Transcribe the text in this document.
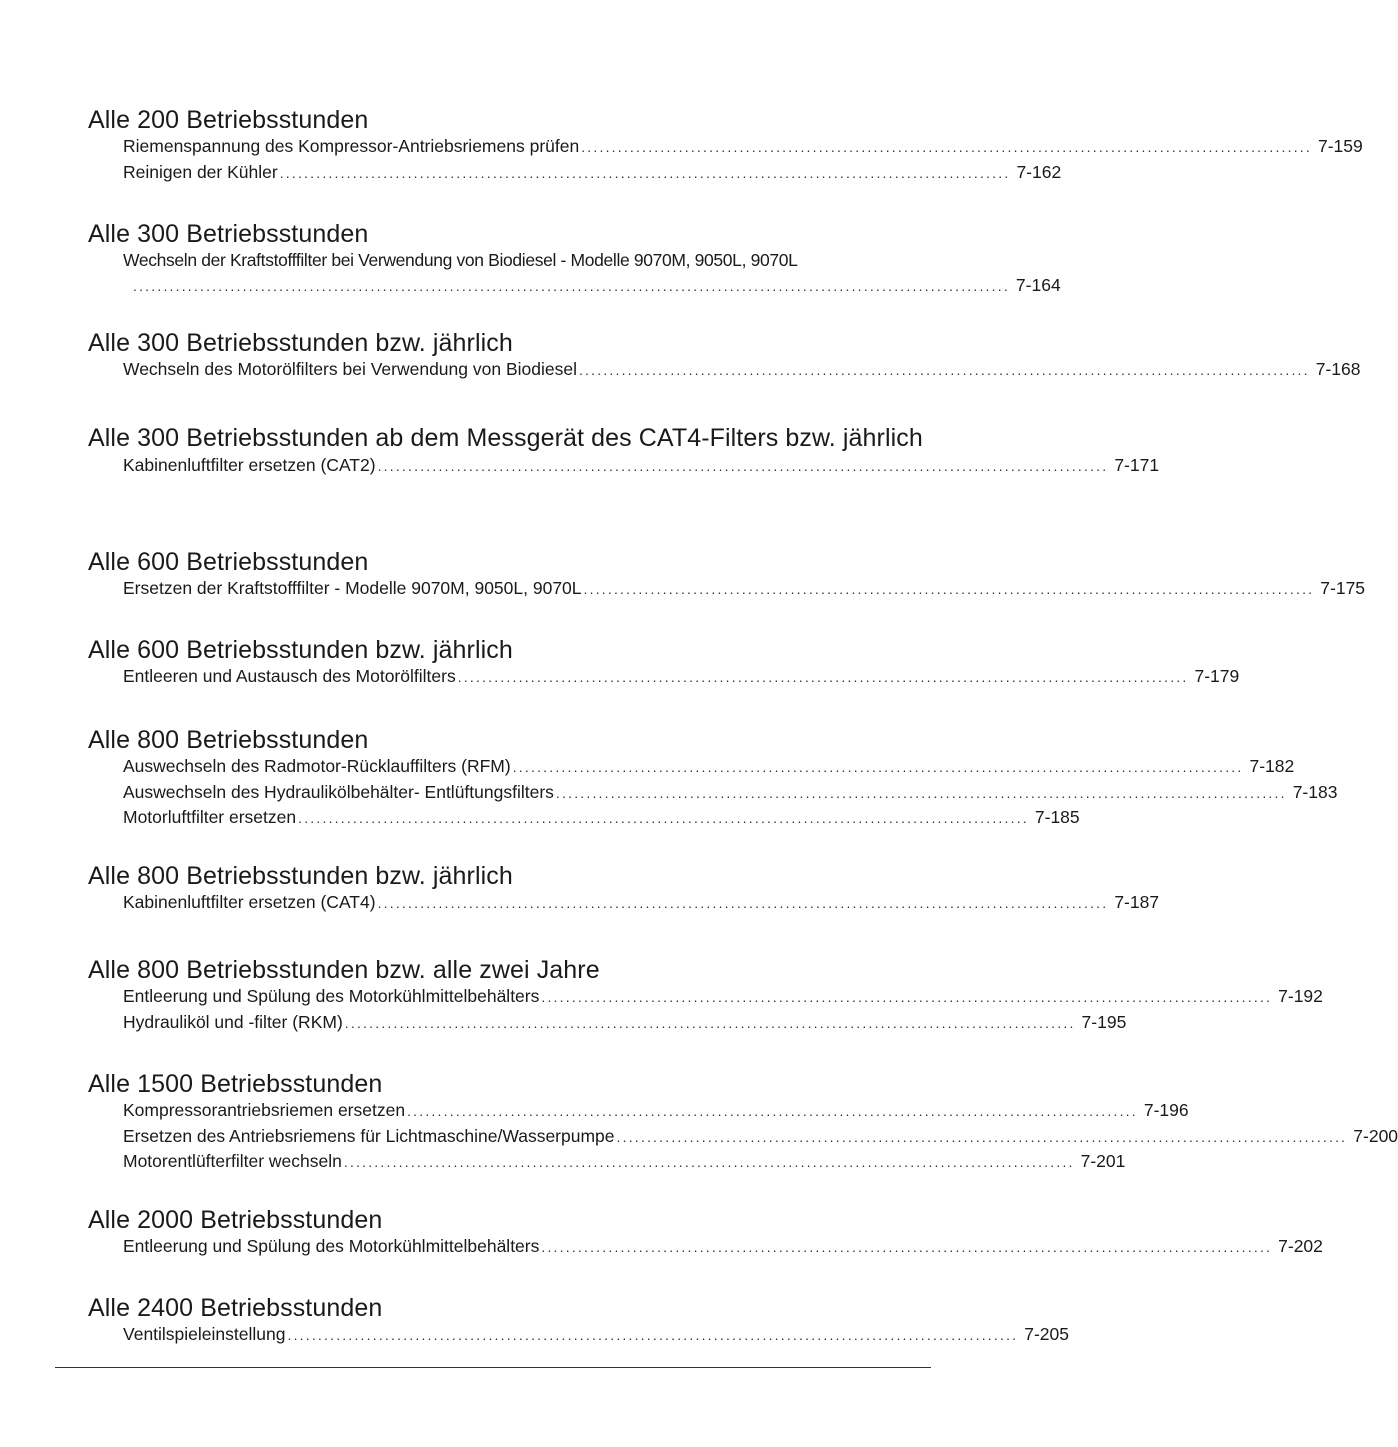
Alle 200 Betriebsstunden
Riemenspannung des Kompressor-Antriebsriemens prüfen ........................................................................................................................ 7-159
Reinigen der Kühler ........................................................................................................................ 7-162
Alle 300 Betriebsstunden
Wechseln der Kraftstofffilter bei Verwendung von Biodiesel - Modelle 9070M, 9050L, 9070L
................................................................................................................................................ 7-164
Alle 300 Betriebsstunden bzw. jährlich
Wechseln des Motorölfilters bei Verwendung von Biodiesel ........................................................................................................................ 7-168
Alle 300 Betriebsstunden ab dem Messgerät des CAT4-Filters bzw. jährlich
Kabinenluftfilter ersetzen (CAT2) ........................................................................................................................ 7-171
Alle 600 Betriebsstunden
Ersetzen der Kraftstofffilter - Modelle 9070M, 9050L, 9070L ........................................................................................................................ 7-175
Alle 600 Betriebsstunden bzw. jährlich
Entleeren und Austausch des Motorölfilters ........................................................................................................................ 7-179
Alle 800 Betriebsstunden
Auswechseln des Radmotor-Rücklauffilters (RFM) ........................................................................................................................ 7-182
Auswechseln des Hydraulikölbehälter- Entlüftungsfilters ........................................................................................................................ 7-183
Motorluftfilter ersetzen ........................................................................................................................ 7-185
Alle 800 Betriebsstunden bzw. jährlich
Kabinenluftfilter ersetzen (CAT4) ........................................................................................................................ 7-187
Alle 800 Betriebsstunden bzw. alle zwei Jahre
Entleerung und Spülung des Motorkühlmittelbehälters ........................................................................................................................ 7-192
Hydrauliköl und -filter (RKM) ........................................................................................................................ 7-195
Alle 1500 Betriebsstunden
Kompressorantriebsriemen ersetzen ........................................................................................................................ 7-196
Ersetzen des Antriebsriemens für Lichtmaschine/Wasserpumpe ........................................................................................................................ 7-200
Motorentlüfterfilter wechseln ........................................................................................................................ 7-201
Alle 2000 Betriebsstunden
Entleerung und Spülung des Motorkühlmittelbehälters ........................................................................................................................ 7-202
Alle 2400 Betriebsstunden
Ventilspieleinstellung ........................................................................................................................ 7-205
